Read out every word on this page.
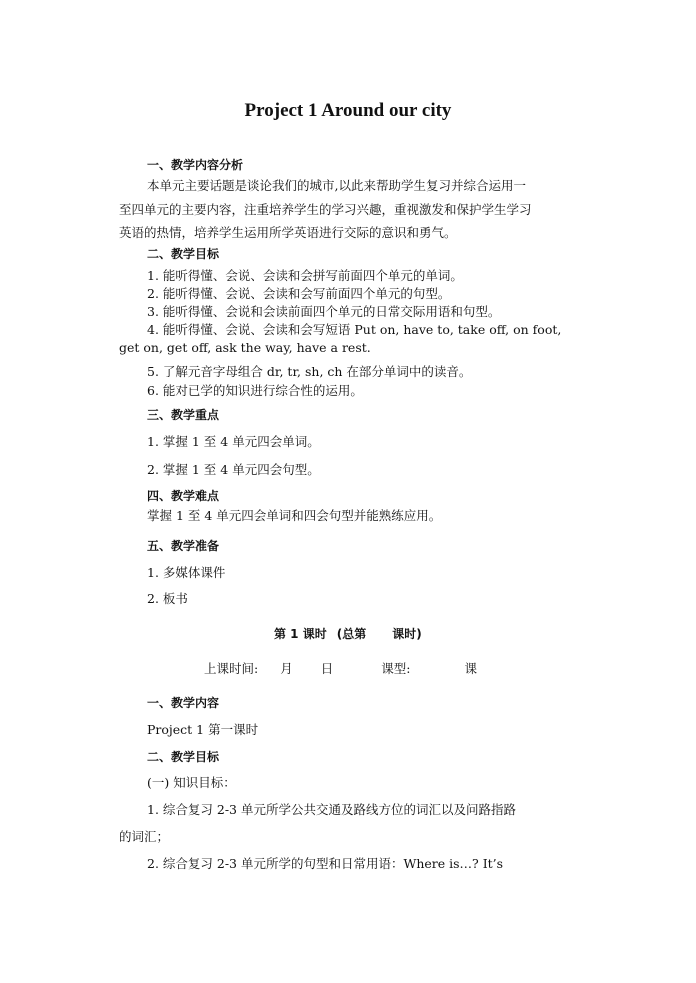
Project 1 Around our city
一、教学内容分析
本单元主要话题是谈论我们的城市,以此来帮助学生复习并综合运用一
至四单元的主要内容，注重培养学生的学习兴趣，重视激发和保护学生学习
英语的热情，培养学生运用所学英语进行交际的意识和勇气。
二、教学目标
1. 能听得懂、会说、会读和会拼写前面四个单元的单词。
2. 能听得懂、会说、会读和会写前面四个单元的句型。
3. 能听得懂、会说和会读前面四个单元的日常交际用语和句型。
4. 能听得懂、会说、会读和会写短语 Put on, have to, take off, on foot,
get on, get off, ask the way, have a rest.
5. 了解元音字母组合 dr, tr, sh, ch 在部分单词中的读音。
6. 能对已学的知识进行综合性的运用。
三、教学重点
1. 掌握 1 至 4 单元四会单词。
2. 掌握 1 至 4 单元四会句型。
四、教学难点
掌握 1 至 4 单元四会单词和四会句型并能熟练应用。
五、教学准备
1. 多媒体课件
2. 板书
第 1 课时 (总第 课时)
上课时间: 月 日	课型:	课
一、教学内容
Project 1 第一课时
二、教学目标
(一) 知识目标：
1. 综合复习 2-3 单元所学公共交通及路线方位的词汇以及问路指路
的词汇；
2. 综合复习 2-3 单元所学的句型和日常用语：Where is…? It’s
